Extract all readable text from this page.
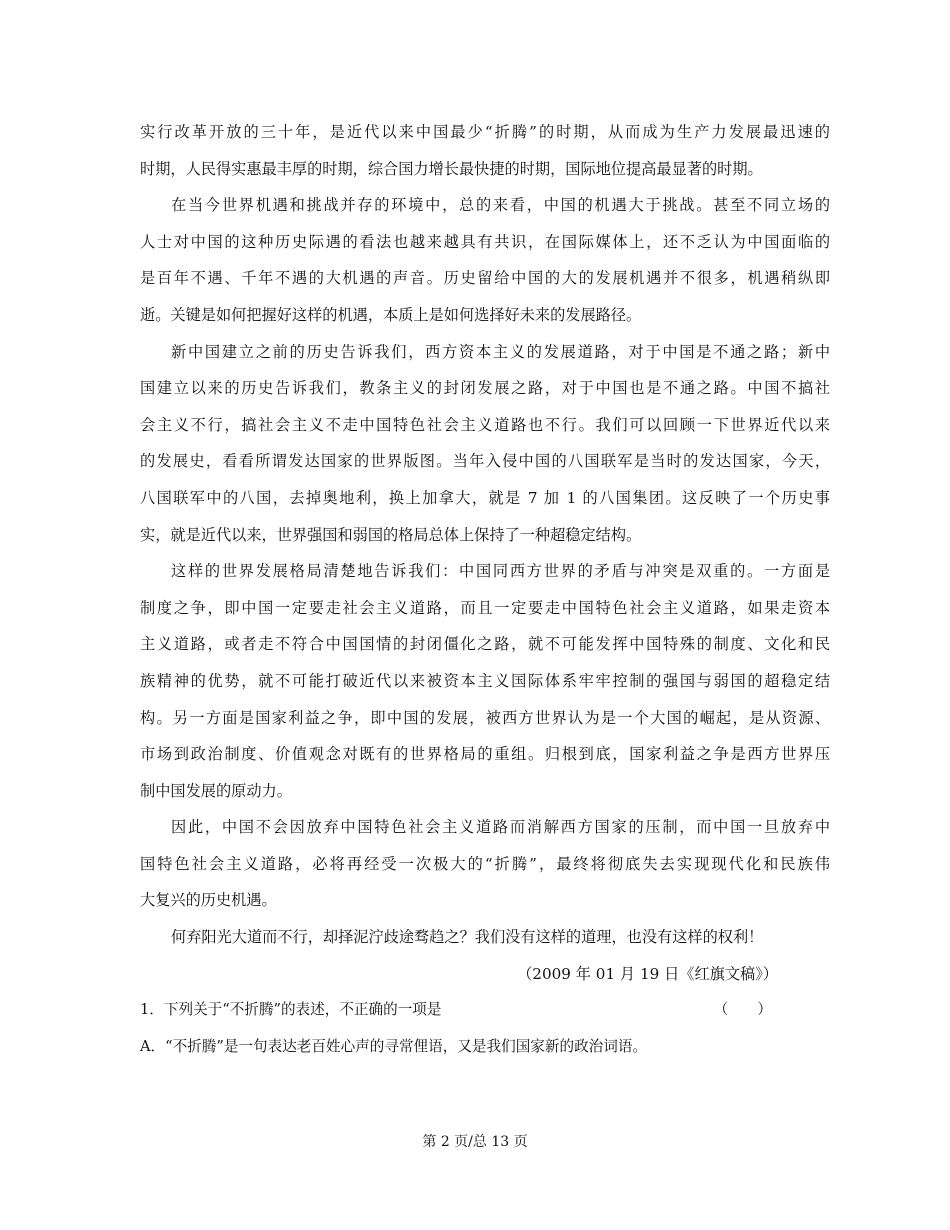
实行改革开放的三十年，是近代以来中国最少“折腾”的时期，从而成为生产力发展最迅速的
时期，人民得实惠最丰厚的时期，综合国力增长最快捷的时期，国际地位提高最显著的时期。
在当今世界机遇和挑战并存的环境中，总的来看，中国的机遇大于挑战。甚至不同立场的
人士对中国的这种历史际遇的看法也越来越具有共识，在国际媒体上，还不乏认为中国面临的
是百年不遇、千年不遇的大机遇的声音。历史留给中国的大的发展机遇并不很多，机遇稍纵即
逝。关键是如何把握好这样的机遇，本质上是如何选择好未来的发展路径。
新中国建立之前的历史告诉我们，西方资本主义的发展道路，对于中国是不通之路；新中
国建立以来的历史告诉我们，教条主义的封闭发展之路，对于中国也是不通之路。中国不搞社
会主义不行，搞社会主义不走中国特色社会主义道路也不行。我们可以回顾一下世界近代以来
的发展史，看看所谓发达国家的世界版图。当年入侵中国的八国联军是当时的发达国家，今天，
八国联军中的八国，去掉奥地利，换上加拿大，就是 7 加 1 的八国集团。这反映了一个历史事
实，就是近代以来，世界强国和弱国的格局总体上保持了一种超稳定结构。
这样的世界发展格局清楚地告诉我们：中国同西方世界的矛盾与冲突是双重的。一方面是
制度之争，即中国一定要走社会主义道路，而且一定要走中国特色社会主义道路，如果走资本
主义道路，或者走不符合中国国情的封闭僵化之路，就不可能发挥中国特殊的制度、文化和民
族精神的优势，就不可能打破近代以来被资本主义国际体系牢牢控制的强国与弱国的超稳定结
构。另一方面是国家利益之争，即中国的发展，被西方世界认为是一个大国的崛起，是从资源、
市场到政治制度、价值观念对既有的世界格局的重组。归根到底，国家利益之争是西方世界压
制中国发展的原动力。
因此，中国不会因放弃中国特色社会主义道路而消解西方国家的压制，而中国一旦放弃中
国特色社会主义道路，必将再经受一次极大的“折腾”，最终将彻底失去实现现代化和民族伟
大复兴的历史机遇。
何弃阳光大道而不行，却择泥泞歧途骛趋之？我们没有这样的道理，也没有这样的权利！
（2009 年 01 月 19 日《红旗文稿》）
1．下列关于“不折腾”的表述，不正确的一项是	（　　）
A．“不折腾”是一句表达老百姓心声的寻常俚语，又是我们国家新的政治词语。
第 2 页/总 13 页
